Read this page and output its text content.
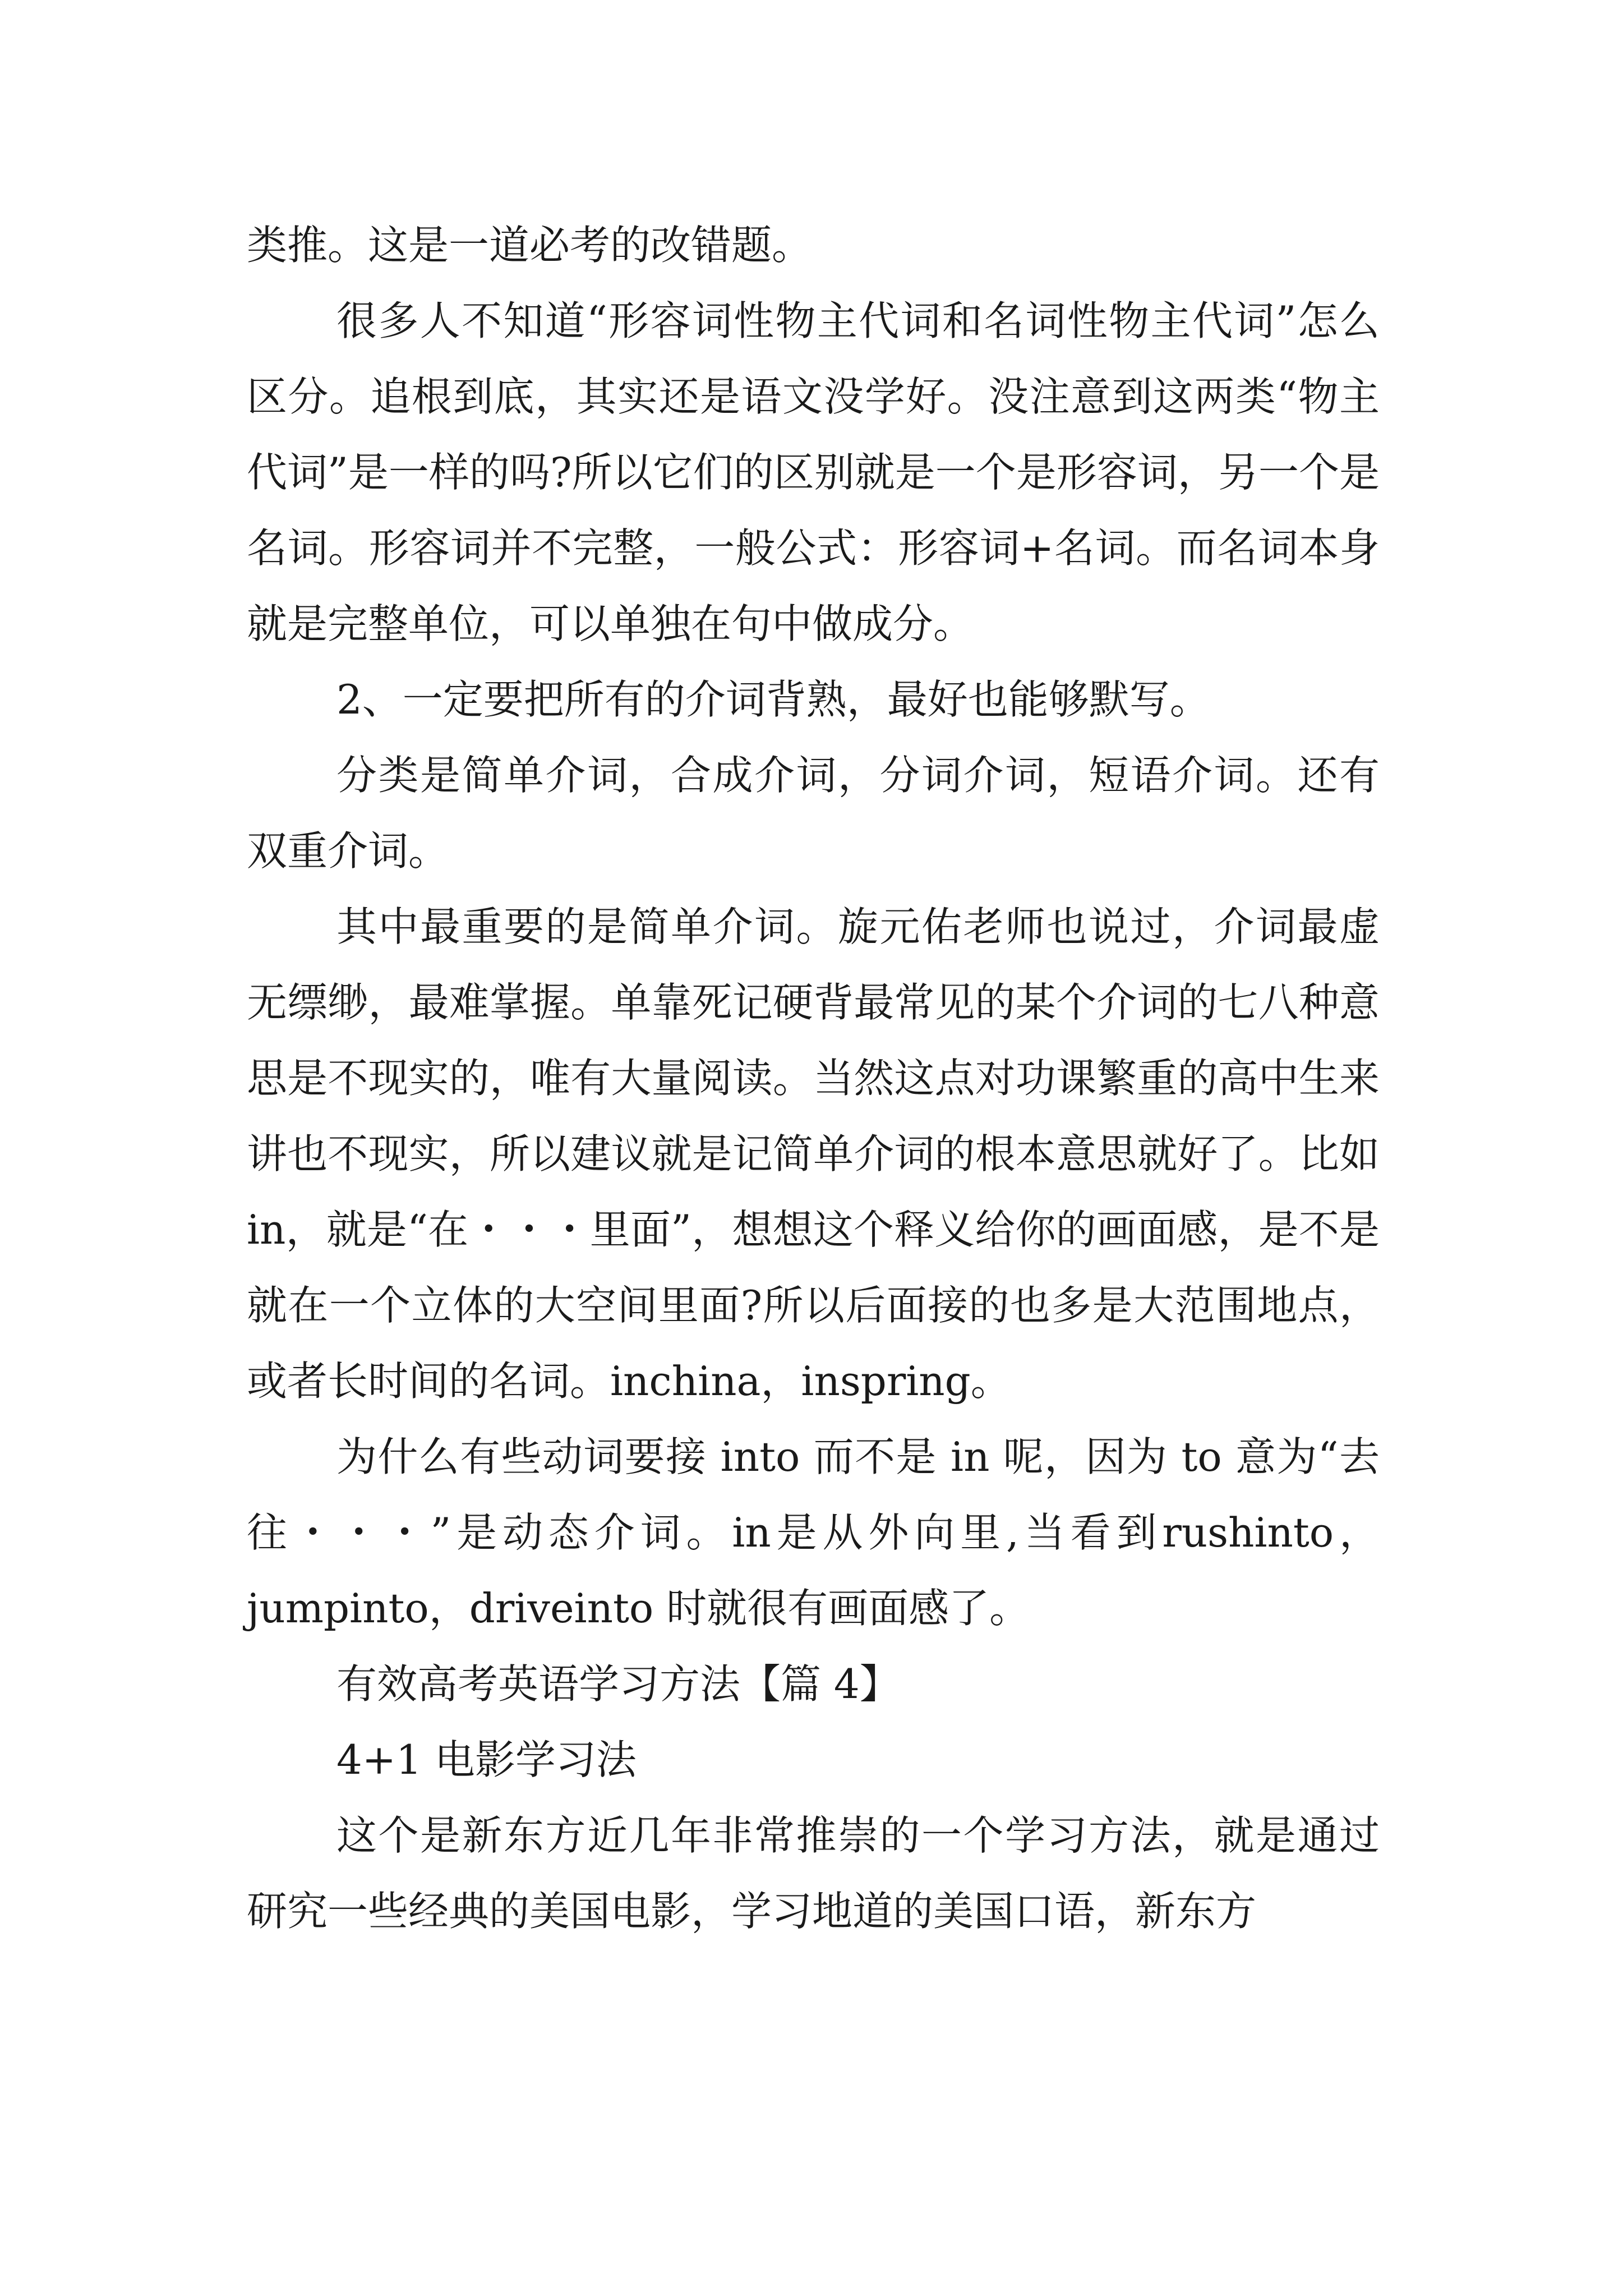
类推。这是一道必考的改错题。

很多人不知道“形容词性物主代词和名词性物主代词”怎么区分。追根到底，其实还是语文没学好。没注意到这两类“物主代词”是一样的吗?所以它们的区别就是一个是形容词，另一个是名词。形容词并不完整，一般公式：形容词+名词。而名词本身就是完整单位，可以单独在句中做成分。

2、一定要把所有的介词背熟，最好也能够默写。

分类是简单介词，合成介词，分词介词，短语介词。还有双重介词。

其中最重要的是简单介词。旋元佑老师也说过，介词最虚无缥缈，最难掌握。单靠死记硬背最常见的某个介词的七八种意思是不现实的，唯有大量阅读。当然这点对功课繁重的高中生来讲也不现实，所以建议就是记简单介词的根本意思就好了。比如 in，就是“在・・・里面”，想想这个释义给你的画面感，是不是就在一个立体的大空间里面?所以后面接的也多是大范围地点，或者长时间的名词。inchina，inspring。

为什么有些动词要接 into 而不是 in 呢，因为 to 意为“去往・・・”是动态介词。in是从外向里,当看到rushinto，jumpinto，driveinto 时就很有画面感了。

有效高考英语学习方法【篇 4】

4+1 电影学习法

这个是新东方近几年非常推崇的一个学习方法，就是通过研究一些经典的美国电影，学习地道的美国口语，新东方
